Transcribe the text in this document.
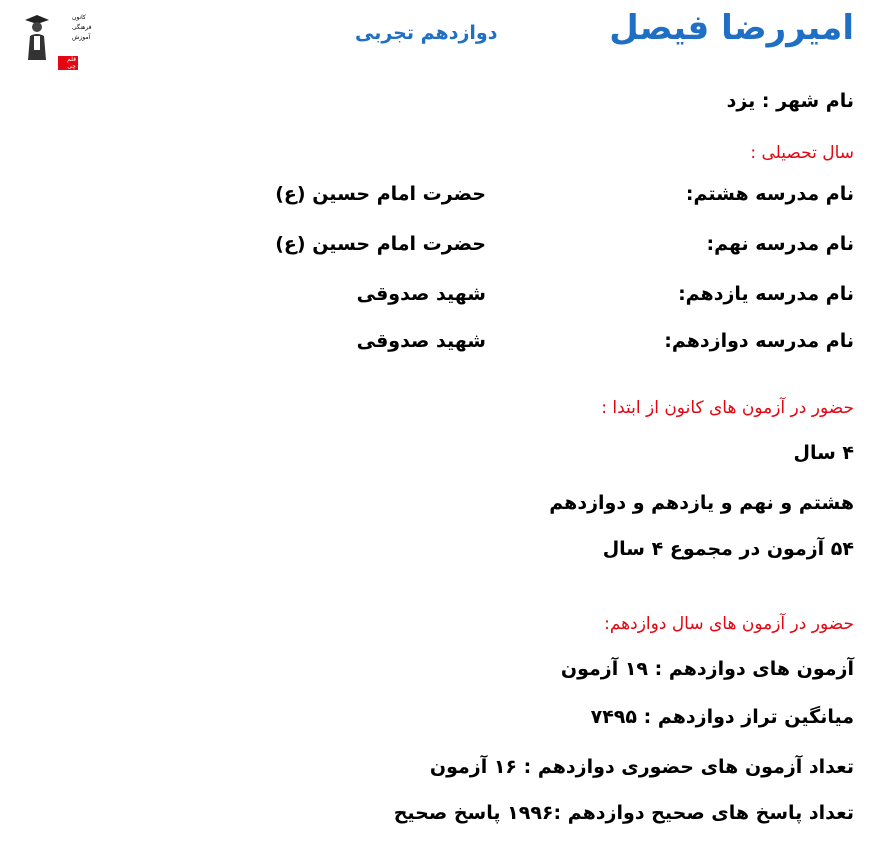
کانون
فرهنگی
آموزش
قلم چی
امیررضا فیصل
دوازدهم تجربی
نام شهر : یزد
سال تحصیلی :
نام مدرسه هشتم:
حضرت امام حسین (ع)
نام مدرسه نهم:
حضرت امام حسین (ع)
نام مدرسه یازدهم:
شهید صدوقی
نام مدرسه دوازدهم:
شهید صدوقی
حضور در آزمون های کانون از ابتدا :
۴ سال
هشتم و نهم و یازدهم و دوازدهم
۵۴ آزمون در مجموع ۴ سال
حضور در آزمون های سال دوازدهم:
آزمون های دوازدهم : ۱۹ آزمون
میانگین تراز دوازدهم : ۷۴۹۵
تعداد آزمون های حضوری دوازدهم : ۱۶ آزمون
تعداد پاسخ های صحیح دوازدهم :۱۹۹۶ پاسخ صحیح
